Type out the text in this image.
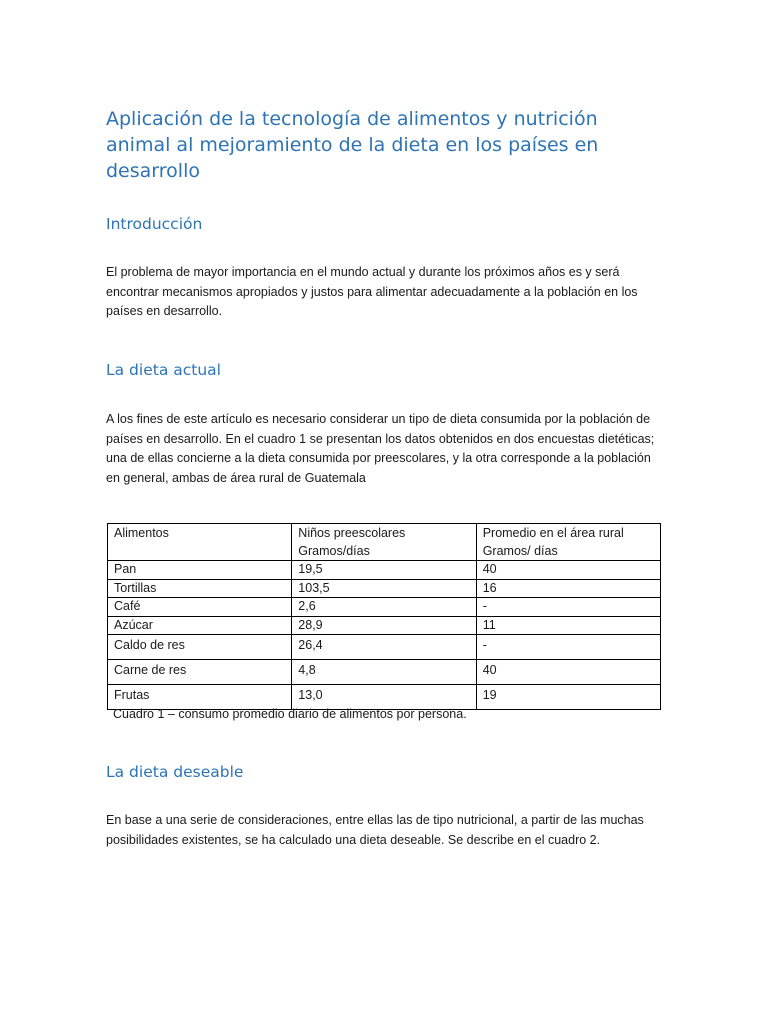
Aplicación de la tecnología de alimentos y nutrición animal al mejoramiento de la dieta en los países en desarrollo
Introducción

El problema de mayor importancia en el mundo actual y durante los próximos años es y será encontrar mecanismos apropiados y justos para alimentar adecuadamente a la población en los países en desarrollo.

La dieta actual

A los fines de este artículo es necesario considerar un tipo de dieta consumida por la población de países en desarrollo. En el cuadro 1 se presentan los datos obtenidos en dos encuestas dietéticas; una de ellas concierne a la dieta consumida por preescolares, y la otra corresponde a la población en general, ambas de área rural de Guatemala

Alimentos	Niños preescolares Gramos/días	Promedio en el área rural Gramos/ días
Pan	19,5	40
Tortillas	103,5	16
Café	2,6	-
Azúcar	28,9	11
Caldo de res	26,4	-
Carne de res	4,8	40
Frutas	13,0	19

Cuadro 1 – consumo promedio diario de alimentos por persona.

La dieta deseable

En base a una serie de consideraciones, entre ellas las de tipo nutricional, a partir de las muchas posibilidades existentes, se ha calculado una dieta deseable. Se describe en el cuadro 2.
